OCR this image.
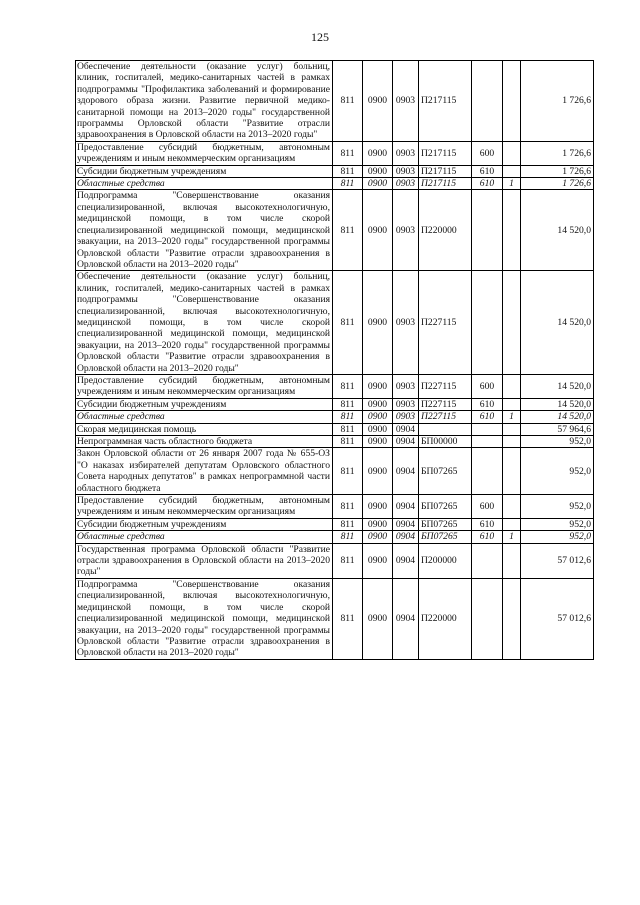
125
Обеспечение деятельности (оказание услуг) больниц, клиник, госпиталей, медико-санитарных частей в рамках подпрограммы "Профилактика заболеваний и формирование здорового образа жизни. Развитие первичной медико-санитарной помощи на 2013–2020 годы" государственной программы Орловской области "Развитие отрасли здравоохранения в Орловской области на 2013–2020 годы"	811	0900	0903	П217115			1 726,6
Предоставление субсидий бюджетным, автономным учреждениям и иным некоммерческим организациям	811	0900	0903	П217115	600		1 726,6
Субсидии бюджетным учреждениям	811	0900	0903	П217115	610		1 726,6
Областные средства	811	0900	0903	П217115	610	1	1 726,6
Подпрограмма "Совершенствование оказания специализированной, включая высокотехнологичную, медицинской помощи, в том числе скорой специализированной медицинской помощи, медицинской эвакуации, на 2013–2020 годы" государственной программы Орловской области "Развитие отрасли здравоохранения в Орловской области на 2013–2020 годы"	811	0900	0903	П220000			14 520,0
Обеспечение деятельности (оказание услуг) больниц, клиник, госпиталей, медико-санитарных частей в рамках подпрограммы "Совершенствование оказания специализированной, включая высокотехнологичную, медицинской помощи, в том числе скорой специализированной медицинской помощи, медицинской эвакуации, на 2013–2020 годы" государственной программы Орловской области "Развитие отрасли здравоохранения в Орловской области на 2013–2020 годы"	811	0900	0903	П227115			14 520,0
Предоставление субсидий бюджетным, автономным учреждениям и иным некоммерческим организациям	811	0900	0903	П227115	600		14 520,0
Субсидии бюджетным учреждениям	811	0900	0903	П227115	610		14 520,0
Областные средства	811	0900	0903	П227115	610	1	14 520,0
Скорая медицинская помощь	811	0900	0904				57 964,6
Непрограммная часть областного бюджета	811	0900	0904	БП00000			952,0
Закон Орловской области от 26 января 2007 года № 655-ОЗ "О наказах избирателей депутатам Орловского областного Совета народных депутатов" в рамках непрограммной части областного бюджета	811	0900	0904	БП07265			952,0
Предоставление субсидий бюджетным, автономным учреждениям и иным некоммерческим организациям	811	0900	0904	БП07265	600		952,0
Субсидии бюджетным учреждениям	811	0900	0904	БП07265	610		952,0
Областные средства	811	0900	0904	БП07265	610	1	952,0
Государственная программа Орловской области "Развитие отрасли здравоохранения в Орловской области на 2013–2020 годы"	811	0900	0904	П200000			57 012,6
Подпрограмма "Совершенствование оказания специализированной, включая высокотехнологичную, медицинской помощи, в том числе скорой специализированной медицинской помощи, медицинской эвакуации, на 2013–2020 годы" государственной программы Орловской области "Развитие отрасли здравоохранения в Орловской области на 2013–2020 годы"	811	0900	0904	П220000			57 012,6
